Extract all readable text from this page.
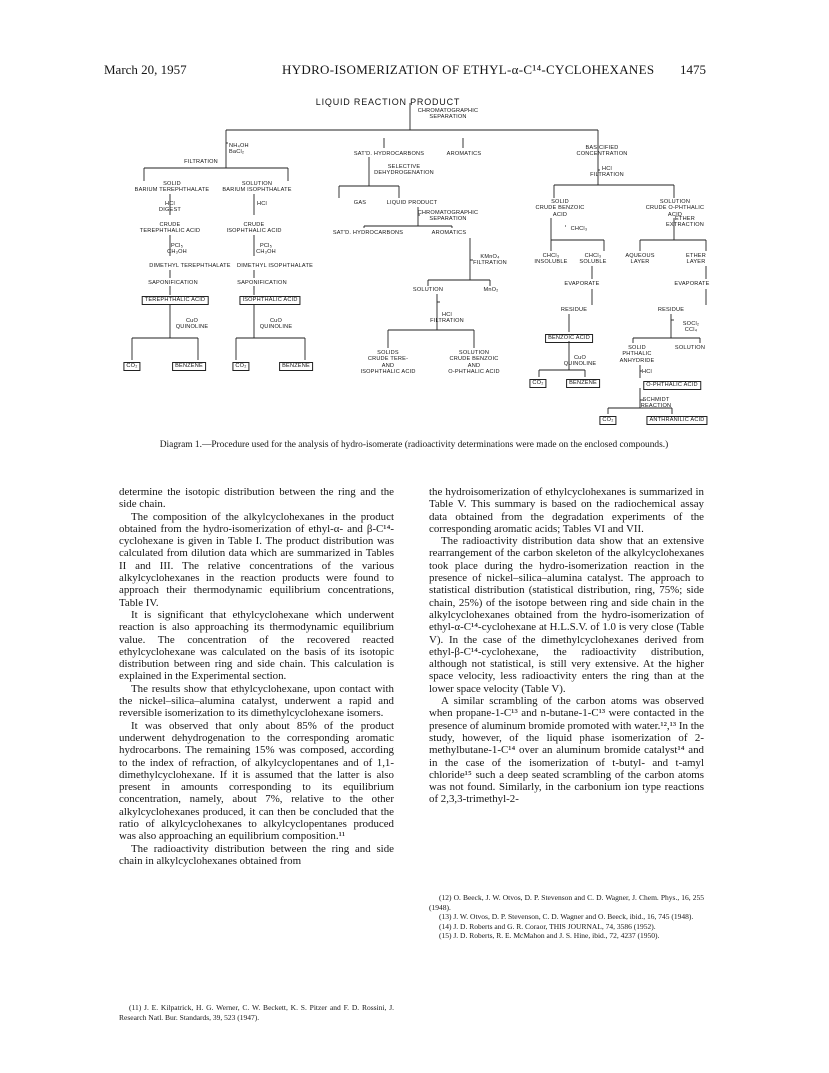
March 20, 1957	HYDRO-ISOMERIZATION OF ETHYL-α-C¹⁴-CYCLOHEXANES 1475
LIQUID REACTION PRODUCT
CHROMATOGRAPHIC
SEPARATION
NH₄OH
BaCl₂
FILTRATION
SOLID
BARIUM TEREPHTHALATE
SOLUTION
BARIUM ISOPHTHALATE
HCl
DIGEST
HCl
CRUDE
TEREPHTHALIC ACID
CRUDE
ISOPHTHALIC ACID
PCl₅
CH₃OH
PCl₅
CH₃OH
DIMETHYL TEREPHTHALATE DIMETHYL ISOPHTHALATE
SAPONIFICATION	SAPONIFICATION
TEREPHTHALIC ACID	ISOPHTHALIC ACID
CuO
QUINOLINE
CuO
QUINOLINE
CO₂	BENZENE	CO₂	BENZENE
SAT'D. HYDROCARBONS	AROMATICS
SELECTIVE
DEHYDROGENATION
GAS	LIQUID PRODUCT
CHROMATOGRAPHIC
SEPARATION
SAT'D. HYDROCARBONS	AROMATICS
KMnO₄
FILTRATION
SOLUTION	MnO₂
HCl
FILTRATION
SOLIDS
CRUDE TERE-
AND
ISOPHTHALIC ACID
SOLUTION
CRUDE BENZOIC
AND
O-PHTHALIC ACID
BASICIFIED
CONCENTRATION
HCl
FILTRATION
SOLID
CRUDE BENZOIC
ACID
SOLUTION
CRUDE O-PHTHALIC
ACID
CHCl₃
ETHER
EXTRACTION
CHCl₃
INSOLUBLE
CHCl₃
SOLUBLE
AQUEOUS
LAYER
ETHER
LAYER
EVAPORATE	EVAPORATE
RESIDUE	RESIDUE
SOCl₂
CCl₄
BENZOIC ACID
CuO
QUINOLINE
SOLID
PHTHALIC
ANHYDRIDE
SOLUTION
HCl
CO₂	BENZENE	O-PHTHALIC ACID
SCHMIDT
REACTION
CO₂	ANTHRANILIC ACID
Diagram 1.—Procedure used for the analysis of hydro-isomerate (radioactivity determinations were made on the enclosed compounds.)

determine the isotopic distribution between the ring and the side chain.

The composition of the alkylcyclohexanes in the product obtained from the hydro-isomerization of ethyl-α- and β-C¹⁴-cyclohexane is given in Table I. The product distribution was calculated from dilution data which are summarized in Tables II and III. The relative concentrations of the various alkylcyclohexanes in the reaction products were found to approach their thermodynamic equilibrium concentrations, Table IV.

It is significant that ethylcyclohexane which underwent reaction is also approaching its thermodynamic equilibrium value. The concentration of the recovered reacted ethylcyclohexane was calculated on the basis of its isotopic distribution between ring and side chain. This calculation is explained in the Experimental section.

The results show that ethylcyclohexane, upon contact with the nickel–silica–alumina catalyst, underwent a rapid and reversible isomerization to its dimethylcyclohexane isomers.

It was observed that only about 85% of the product underwent dehydrogenation to the corresponding aromatic hydrocarbons. The remaining 15% was composed, according to the index of refraction, of alkylcyclopentanes and of 1,1-dimethylcyclohexane. If it is assumed that the latter is also present in amounts corresponding to its equilibrium concentration, namely, about 7%, relative to the other alkylcyclohexanes produced, it can then be concluded that the ratio of alkylcyclohexanes to alkylcyclopentanes produced was also approaching an equilibrium composition.¹¹

The radioactivity distribution between the ring and side chain in alkylcyclohexanes obtained from

the hydroisomerization of ethylcyclohexanes is summarized in Table V. This summary is based on the radiochemical assay data obtained from the degradation experiments of the corresponding aromatic acids; Tables VI and VII.

The radioactivity distribution data show that an extensive rearrangement of the carbon skeleton of the alkylcyclohexanes took place during the hydro-isomerization reaction in the presence of nickel–silica–alumina catalyst. The approach to statistical distribution (statistical distribution, ring, 75%; side chain, 25%) of the isotope between ring and side chain in the alkylcyclohexanes obtained from the hydro-isomerization of ethyl-α-C¹⁴-cyclohexane at H.L.S.V. of 1.0 is very close (Table V). In the case of the dimethylcyclohexanes derived from ethyl-β-C¹⁴-cyclohexane, the radioactivity distribution, although not statistical, is still very extensive. At the higher space velocity, less radioactivity enters the ring than at the lower space velocity (Table V).

A similar scrambling of the carbon atoms was observed when propane-1-C¹³ and n-butane-1-C¹³ were contacted in the presence of aluminum bromide promoted with water.¹²,¹³ In the study, however, of the liquid phase isomerization of 2-methylbutane-1-C¹⁴ over an aluminum bromide catalyst¹⁴ and in the case of the isomerization of t-butyl- and t-amyl chloride¹⁵ such a deep seated scrambling of the carbon atoms was not found. Similarly, in the carbonium ion type reactions of 2,3,3-trimethyl-2-

(11) J. E. Kilpatrick, H. G. Werner, C. W. Beckett, K. S. Pitzer and F. D. Rossini, J. Research Natl. Bur. Standards, 39, 523 (1947).

(12) O. Beeck, J. W. Otvos, D. P. Stevenson and C. D. Wagner, J. Chem. Phys., 16, 255 (1948).

(13) J. W. Otvos, D. P. Stevenson, C. D. Wagner and O. Beeck, ibid., 16, 745 (1948).

(14) J. D. Roberts and G. R. Coraor, THIS JOURNAL, 74, 3586 (1952).

(15) J. D. Roberts, R. E. McMahon and J. S. Hine, ibid., 72, 4237 (1950).
